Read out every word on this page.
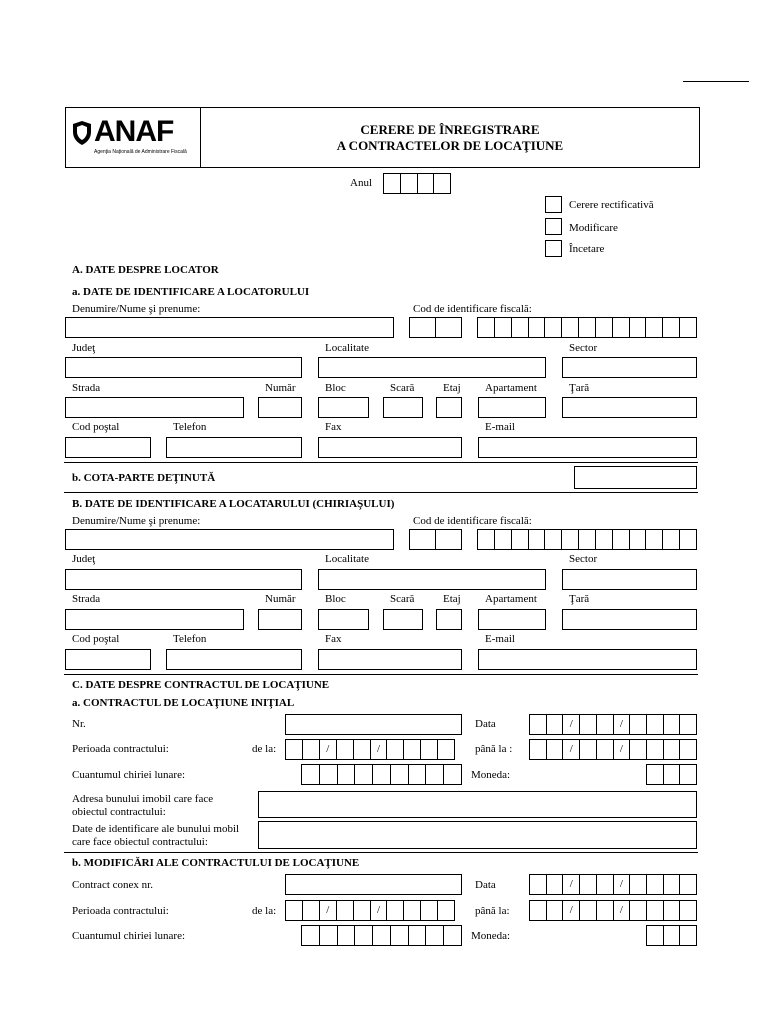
ANAF
Agenţia Naţională de Administrare Fiscală
CERERE DE ÎNREGISTRARE
A CONTRACTELOR DE LOCAŢIUNE
Anul
Cerere rectificativă
Modificare
Încetare
A. DATE DESPRE LOCATOR
a. DATE DE IDENTIFICARE A LOCATORULUI
Denumire/Nume şi prenume:	Cod de identificare fiscală:
Judeţ	Localitate	Sector
Strada	Număr	Bloc	Scară	Etaj Apartament	Ţară
Cod poştal	Telefon	Fax	E-mail
b. COTA-PARTE DEŢINUTĂ
B. DATE DE IDENTIFICARE A LOCATARULUI (CHIRIAŞULUI)
Denumire/Nume şi prenume:	Cod de identificare fiscală:
Judeţ	Localitate	Sector
Strada	Număr	Bloc	Scară	Etaj Apartament	Ţară
Cod poştal	Telefon	Fax	E-mail
C. DATE DESPRE CONTRACTUL DE LOCAŢIUNE
a. CONTRACTUL DE LOCAŢIUNE INIŢIAL
Nr.	Data	/	/
Perioada contractului:	de la:	/	/	până la :	/	/
Cuantumul chiriei lunare:	Moneda:
Adresa bunului imobil care face
obiectul contractului:
Date de identificare ale bunului mobil
care face obiectul contractului:
b. MODIFICĂRI ALE CONTRACTULUI DE LOCAŢIUNE
Contract conex nr.	Data	/	/
Perioada contractului:	de la:	/	/	până la:	/	/
Cuantumul chiriei lunare:	Moneda:
